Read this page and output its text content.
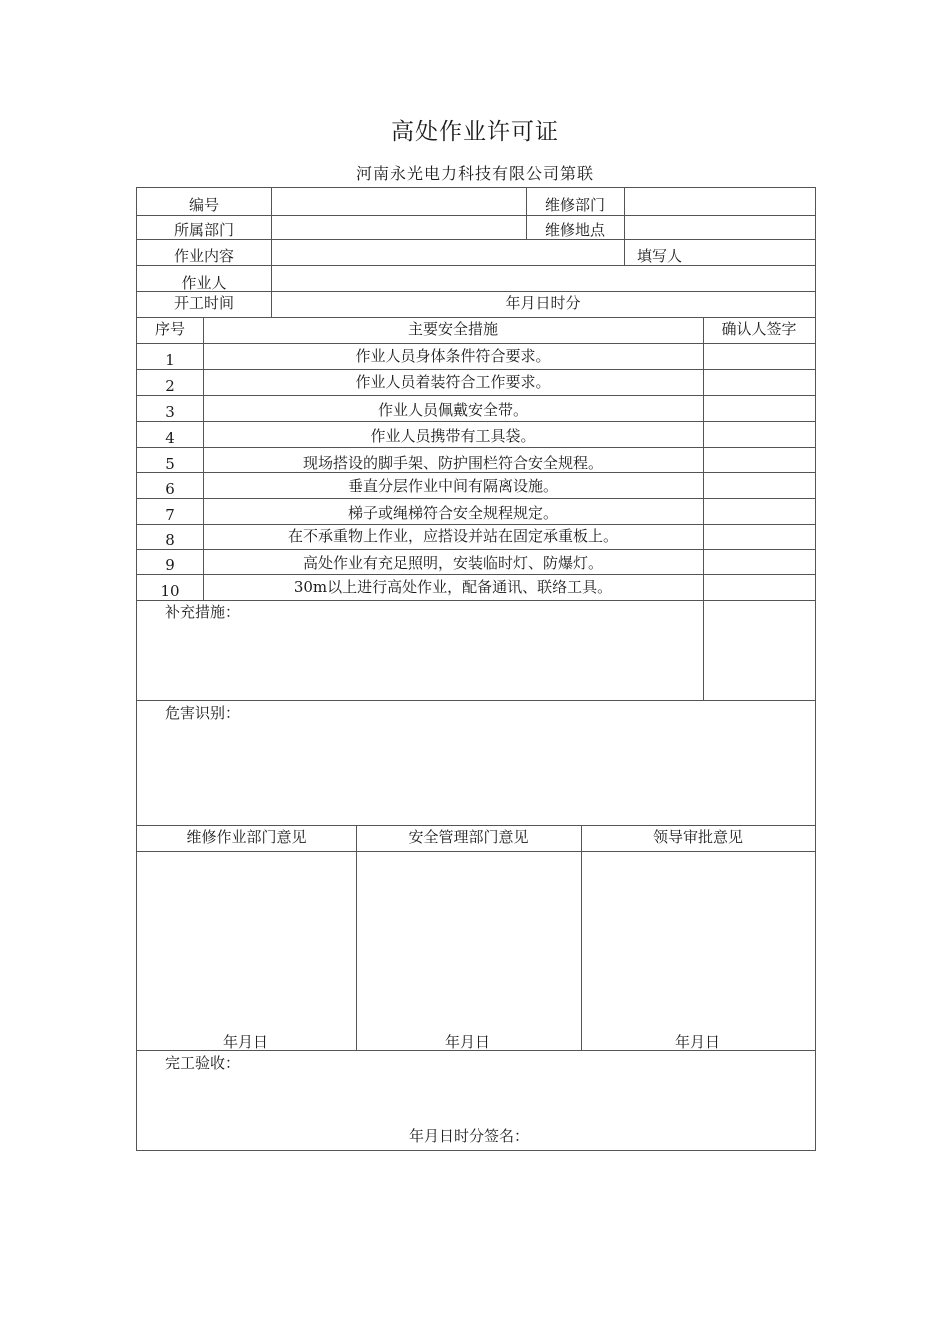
高处作业许可证
河南永光电力科技有限公司第联
编号	维修部门
所属部门	维修地点
作业内容	填写人
作业人
开工时间	年月日时分
序号	主要安全措施	确认人签字
1	作业人员身体条件符合要求。
2	作业人员着装符合工作要求。
3	作业人员佩戴安全带。
4	作业人员携带有工具袋。
5	现场搭设的脚手架、防护围栏符合安全规程。
6	垂直分层作业中间有隔离设施。
7	梯子或绳梯符合安全规程规定。
8	在不承重物上作业，应搭设并站在固定承重板上。
9	高处作业有充足照明，安装临时灯、防爆灯。
10	30m以上进行高处作业，配备通讯、联络工具。
补充措施：
危害识别：
维修作业部门意见	安全管理部门意见	领导审批意见
年月日	年月日	年月日
完工验收：
年月日时分签名：
